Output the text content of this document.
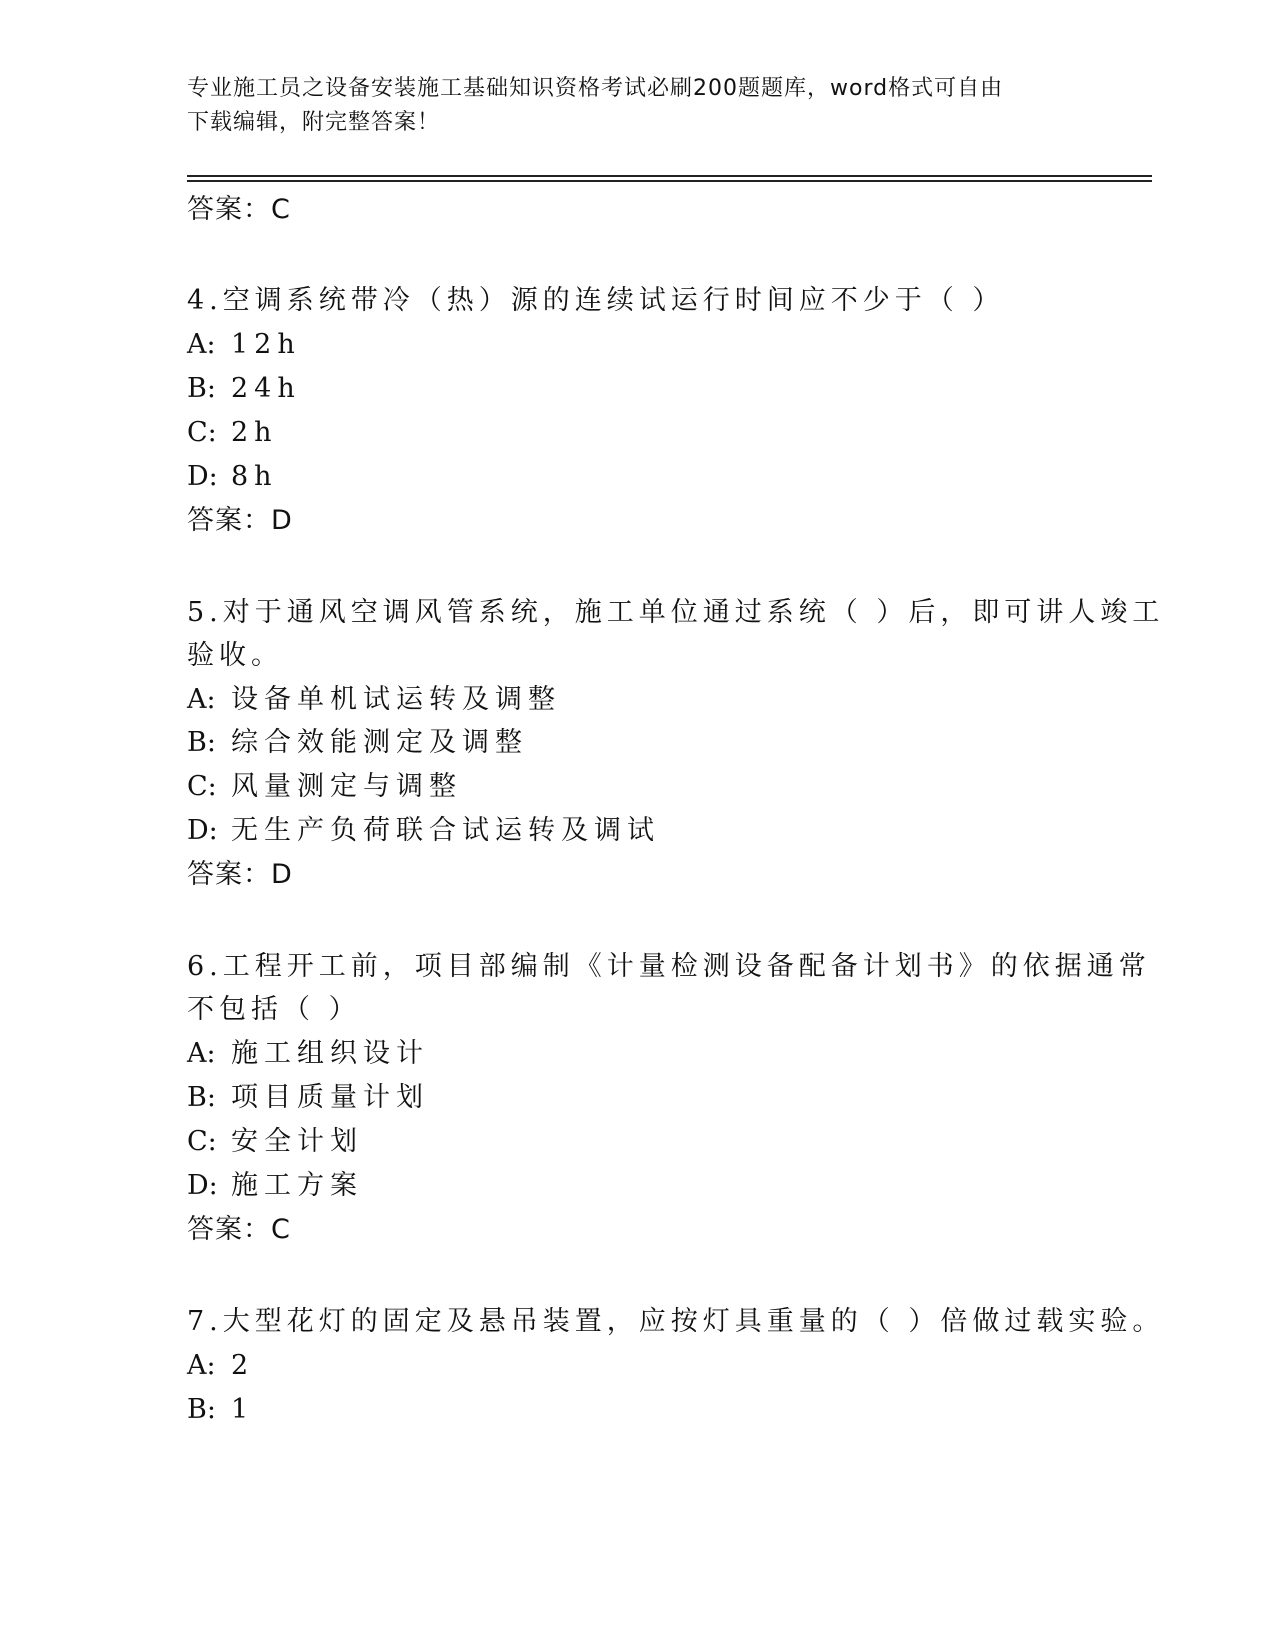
专业施工员之设备安装施工基础知识资格考试必刷200题题库，word格式可自由
下载编辑，附完整答案！
答案：C
4.空调系统带冷（热）源的连续试运行时间应不少于（ ）
A: 12h
B: 24h
C: 2h
D: 8h
答案：D
5.对于通风空调风管系统，施工单位通过系统（ ）后，即可讲人竣工
验收。
A: 设备单机试运转及调整
B: 综合效能测定及调整
C: 风量测定与调整
D: 无生产负荷联合试运转及调试
答案：D
6.工程开工前，项目部编制《计量检测设备配备计划书》的依据通常
不包括（ ）
A: 施工组织设计
B: 项目质量计划
C: 安全计划
D: 施工方案
答案：C
7.大型花灯的固定及悬吊装置，应按灯具重量的（ ）倍做过载实验。
A: 2
B: 1
